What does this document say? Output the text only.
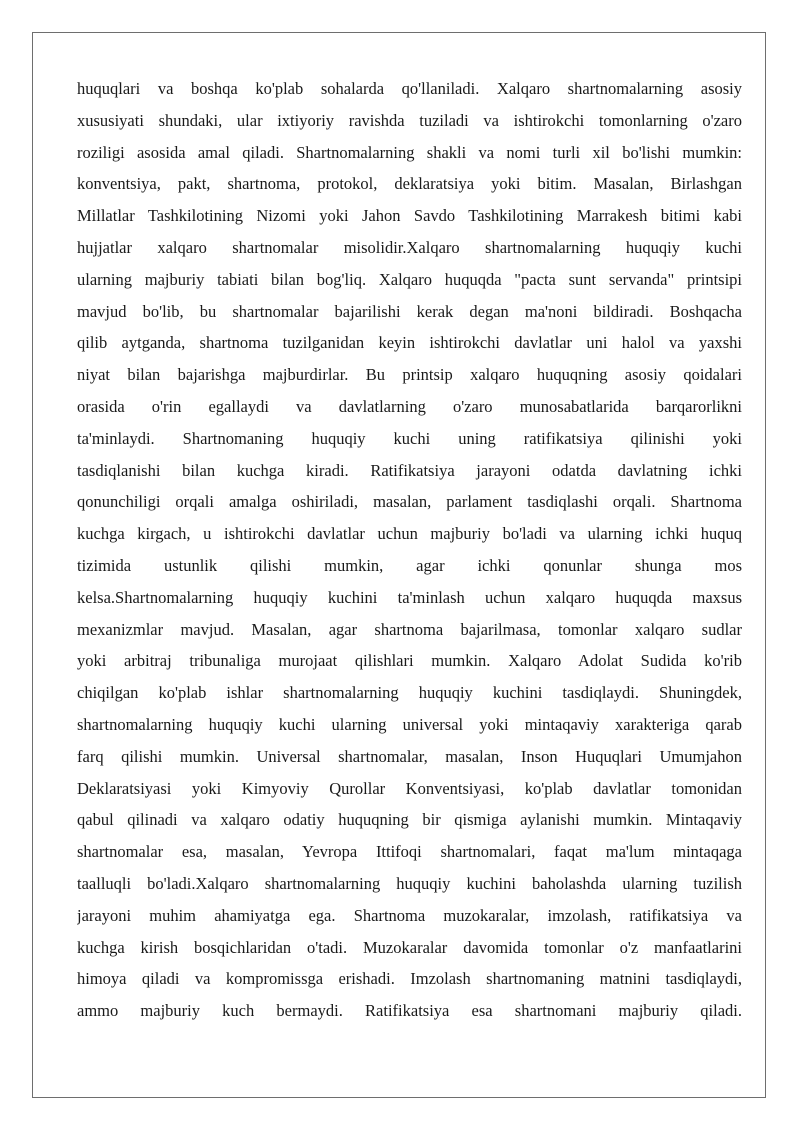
huquqlari va boshqa ko'plab sohalarda qo'llaniladi. Xalqaro shartnomalarning asosiy
xususiyati shundaki, ular ixtiyoriy ravishda tuziladi va ishtirokchi tomonlarning o'zaro
roziligi asosida amal qiladi. Shartnomalarning shakli va nomi turli xil bo'lishi mumkin:
konventsiya, pakt, shartnoma, protokol, deklaratsiya yoki bitim. Masalan, Birlashgan
Millatlar Tashkilotining Nizomi yoki Jahon Savdo Tashkilotining Marrakesh bitimi kabi
hujjatlar xalqaro shartnomalar misolidir.Xalqaro shartnomalarning huquqiy kuchi
ularning majburiy tabiati bilan bog'liq. Xalqaro huquqda "pacta sunt servanda" printsipi
mavjud bo'lib, bu shartnomalar bajarilishi kerak degan ma'noni bildiradi. Boshqacha
qilib aytganda, shartnoma tuzilganidan keyin ishtirokchi davlatlar uni halol va yaxshi
niyat bilan bajarishga majburdirlar. Bu printsip xalqaro huquqning asosiy qoidalari
orasida o'rin egallaydi va davlatlarning o'zaro munosabatlarida barqarorlikni
ta'minlaydi. Shartnomaning huquqiy kuchi uning ratifikatsiya qilinishi yoki
tasdiqlanishi bilan kuchga kiradi. Ratifikatsiya jarayoni odatda davlatning ichki
qonunchiligi orqali amalga oshiriladi, masalan, parlament tasdiqlashi orqali. Shartnoma
kuchga kirgach, u ishtirokchi davlatlar uchun majburiy bo'ladi va ularning ichki huquq
tizimida ustunlik qilishi mumkin, agar ichki qonunlar shunga mos
kelsa.Shartnomalarning huquqiy kuchini ta'minlash uchun xalqaro huquqda maxsus
mexanizmlar mavjud. Masalan, agar shartnoma bajarilmasa, tomonlar xalqaro sudlar
yoki arbitraj tribunaliga murojaat qilishlari mumkin. Xalqaro Adolat Sudida ko'rib
chiqilgan ko'plab ishlar shartnomalarning huquqiy kuchini tasdiqlaydi. Shuningdek,
shartnomalarning huquqiy kuchi ularning universal yoki mintaqaviy xarakteriga qarab
farq qilishi mumkin. Universal shartnomalar, masalan, Inson Huquqlari Umumjahon
Deklaratsiyasi yoki Kimyoviy Qurollar Konventsiyasi, ko'plab davlatlar tomonidan
qabul qilinadi va xalqaro odatiy huquqning bir qismiga aylanishi mumkin. Mintaqaviy
shartnomalar esa, masalan, Yevropa Ittifoqi shartnomalari, faqat ma'lum mintaqaga
taalluqli bo'ladi.Xalqaro shartnomalarning huquqiy kuchini baholashda ularning tuzilish
jarayoni muhim ahamiyatga ega. Shartnoma muzokaralar, imzolash, ratifikatsiya va
kuchga kirish bosqichlaridan o'tadi. Muzokaralar davomida tomonlar o'z manfaatlarini
himoya qiladi va kompromissga erishadi. Imzolash shartnomaning matnini tasdiqlaydi,
ammo majburiy kuch bermaydi. Ratifikatsiya esa shartnomani majburiy qiladi.
